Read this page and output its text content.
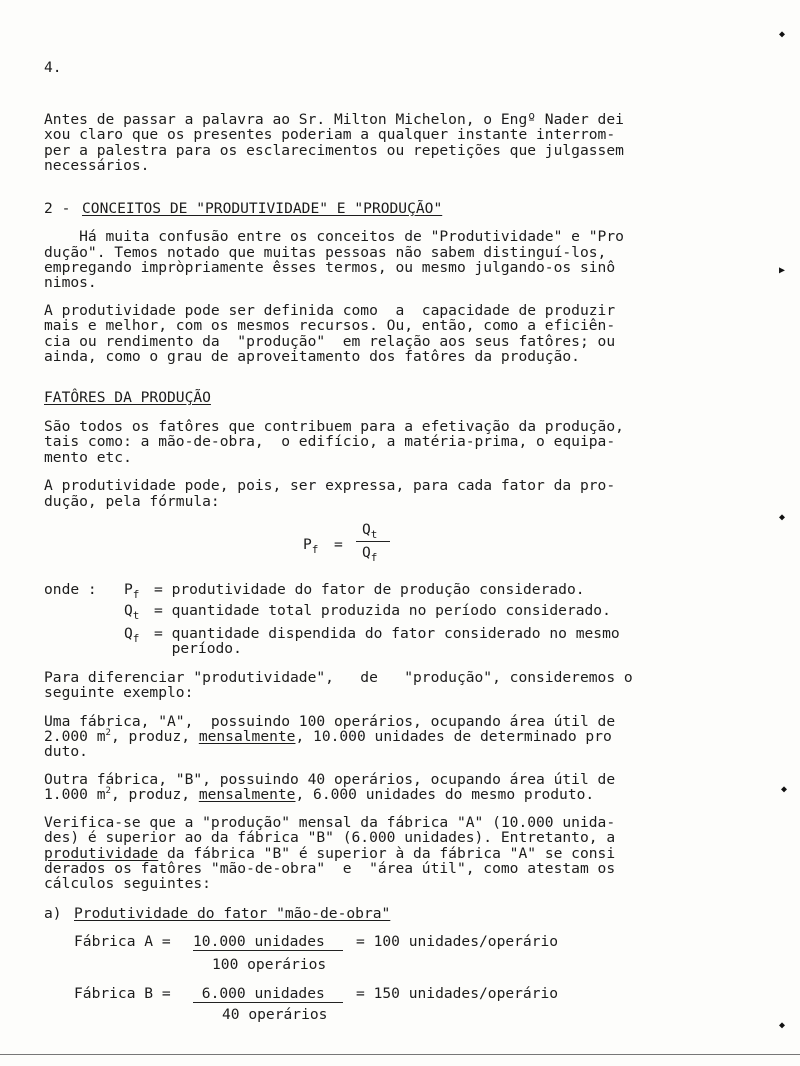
4.
Antes de passar a palavra ao Sr. Milton Michelon, o Engº Nader dei
xou claro que os presentes poderiam a qualquer instante interrom-
per a palestra para os esclarecimentos ou repetições que julgassem
necessários.
2 - CONCEITOS DE "PRODUTIVIDADE" E "PRODUÇÃO"
Há muita confusão entre os conceitos de "Produtividade" e "Pro
dução". Temos notado que muitas pessoas não sabem distinguí-los,
empregando impròpriamente êsses termos, ou mesmo julgando-os sinô
nimos.
A produtividade pode ser definida como  a  capacidade de produzir
mais e melhor, com os mesmos recursos. Ou, então, como a eficiên-
cia ou rendimento da  "produção"  em relação aos seus fatôres; ou
ainda, como o grau de aproveitamento dos fatôres da produção.
FATÔRES DA PRODUÇÃO
São todos os fatôres que contribuem para a efetivação da produção,
tais como: a mão-de-obra,  o edifício, a matéria-prima, o equipa-
mento etc.
A produtividade pode, pois, ser expressa, para cada fator da pro-
dução, pela fórmula:
$P_f$ =
$Q_t$
$Q_f$
onde : $P_f$ = produtividade do fator de produção considerado.
$Q_t$ = quantidade total produzida no período considerado.
$Q_f$ = quantidade dispendida do fator considerado no mesmo
período.
Para diferenciar "produtividade",   de   "produção", consideremos o
seguinte exemplo:
Uma fábrica, "A",  possuindo 100 operários, ocupando área útil de
2.000 $m^2$, produz, mensalmente, 10.000 unidades de determinado pro
duto.
Outra fábrica, "B", possuindo 40 operários, ocupando área útil de
1.000 $m^2$, produz, mensalmente, 6.000 unidades do mesmo produto.
Verifica-se que a "produção" mensal da fábrica "A" (10.000 unida-
des) é superior ao da fábrica "B" (6.000 unidades). Entretanto, a
produtividade da fábrica "B" é superior à da fábrica "A" se consi
derados os fatôres "mão-de-obra"  e  "área útil", como atestam os
cálculos seguintes:
a) Produtividade do fator "mão-de-obra"
Fábrica A = 10.000 unidades = 100 unidades/operário
100 operários
Fábrica B = 6.000 unidades = 150 unidades/operário
40 operários
◆
▶
◆
◆
◆
